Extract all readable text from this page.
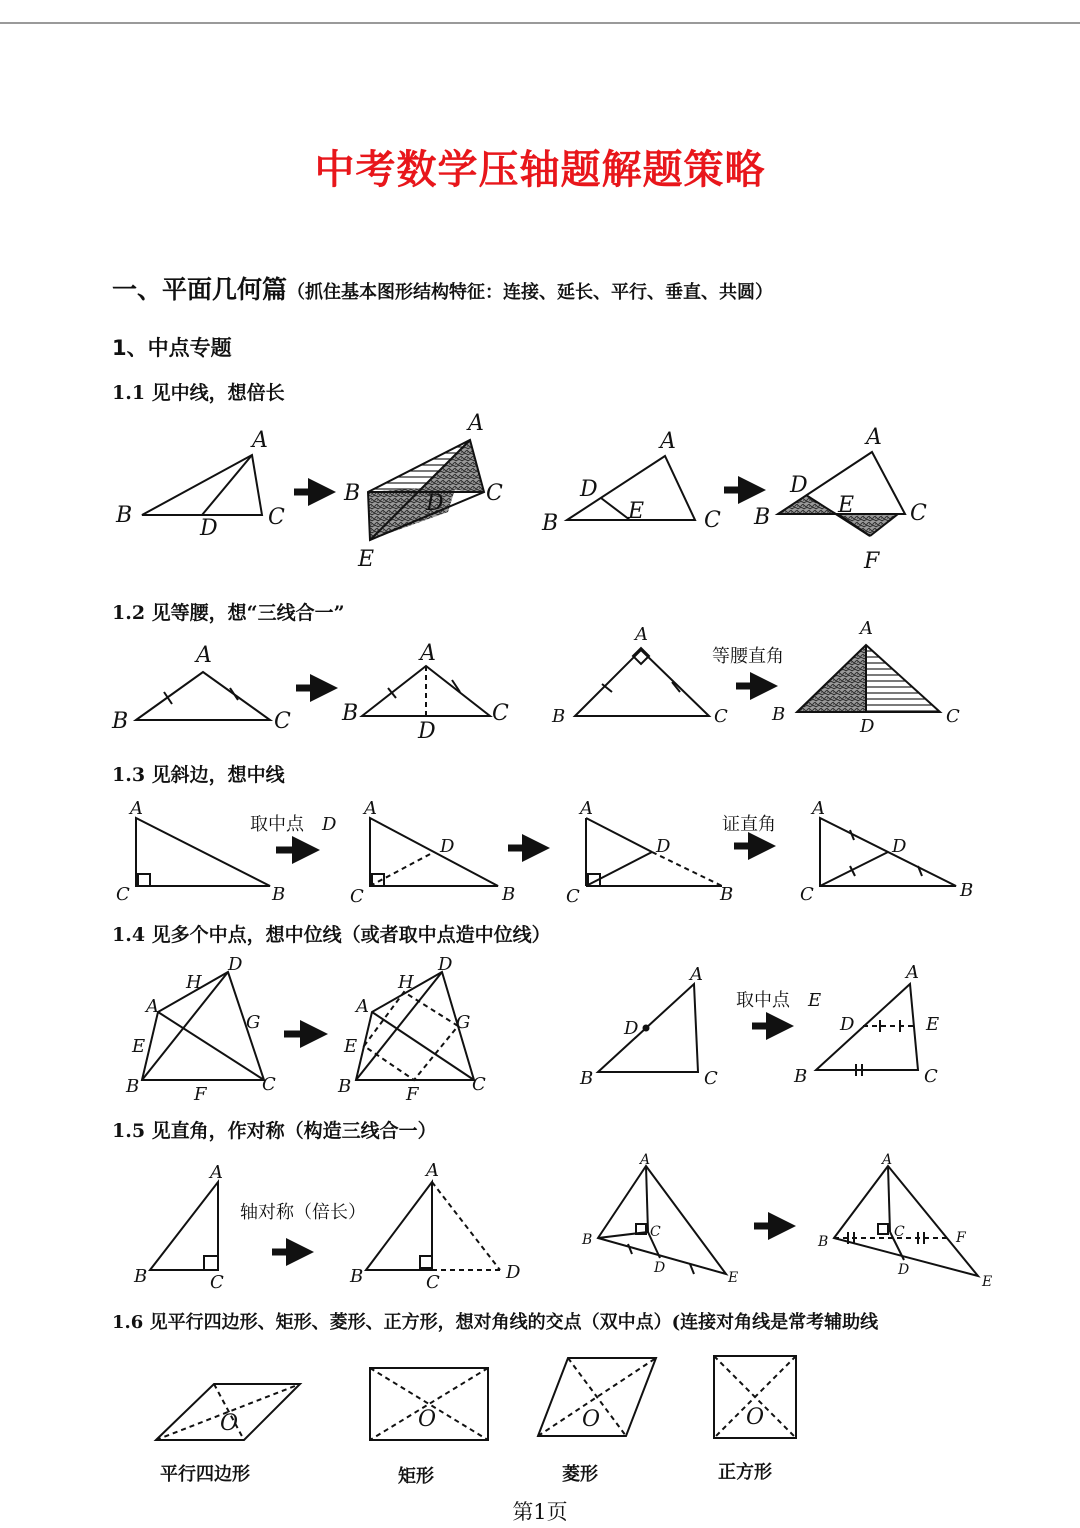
中考数学压轴题解题策略
一、平面几何篇（抓住基本图形结构特征：连接、延长、平行、垂直、共圆）
1、中点专题
1.1 见中线，想倍长
1.2 见等腰，想“三线合一”
1.3 见斜边，想中线
1.4 见多个中点，想中位线（或者取中点造中位线）
1.5 见直角，作对称（构造三线合一）
1.6 见平行四边形、矩形、菱形、正方形，想对角线的交点（双中点）(连接对角线是常考辅助线
A
B
D C
A
B	D C
E
A
D
E
B	C
A
D
E
B	C
F
A
B	C
A
B
D
C
A
B	C
A
B
D	C
A
C	B
A
C
D
B
A
C
D
B
A
C
D
B
H
D
A
G
E
B	F	C
H
D
A
G
E
B	F	C
A
D
B	C
A
D	E
B	C
A
B	C
A
B	C	D
A
B	C
D
E
A
B
C	F
D
E
O	O	O	O
等腰直角
取中点 D	证直角
取中点 E
轴对称（倍长）
平行四边形	矩形	菱形	正方形
第1页
